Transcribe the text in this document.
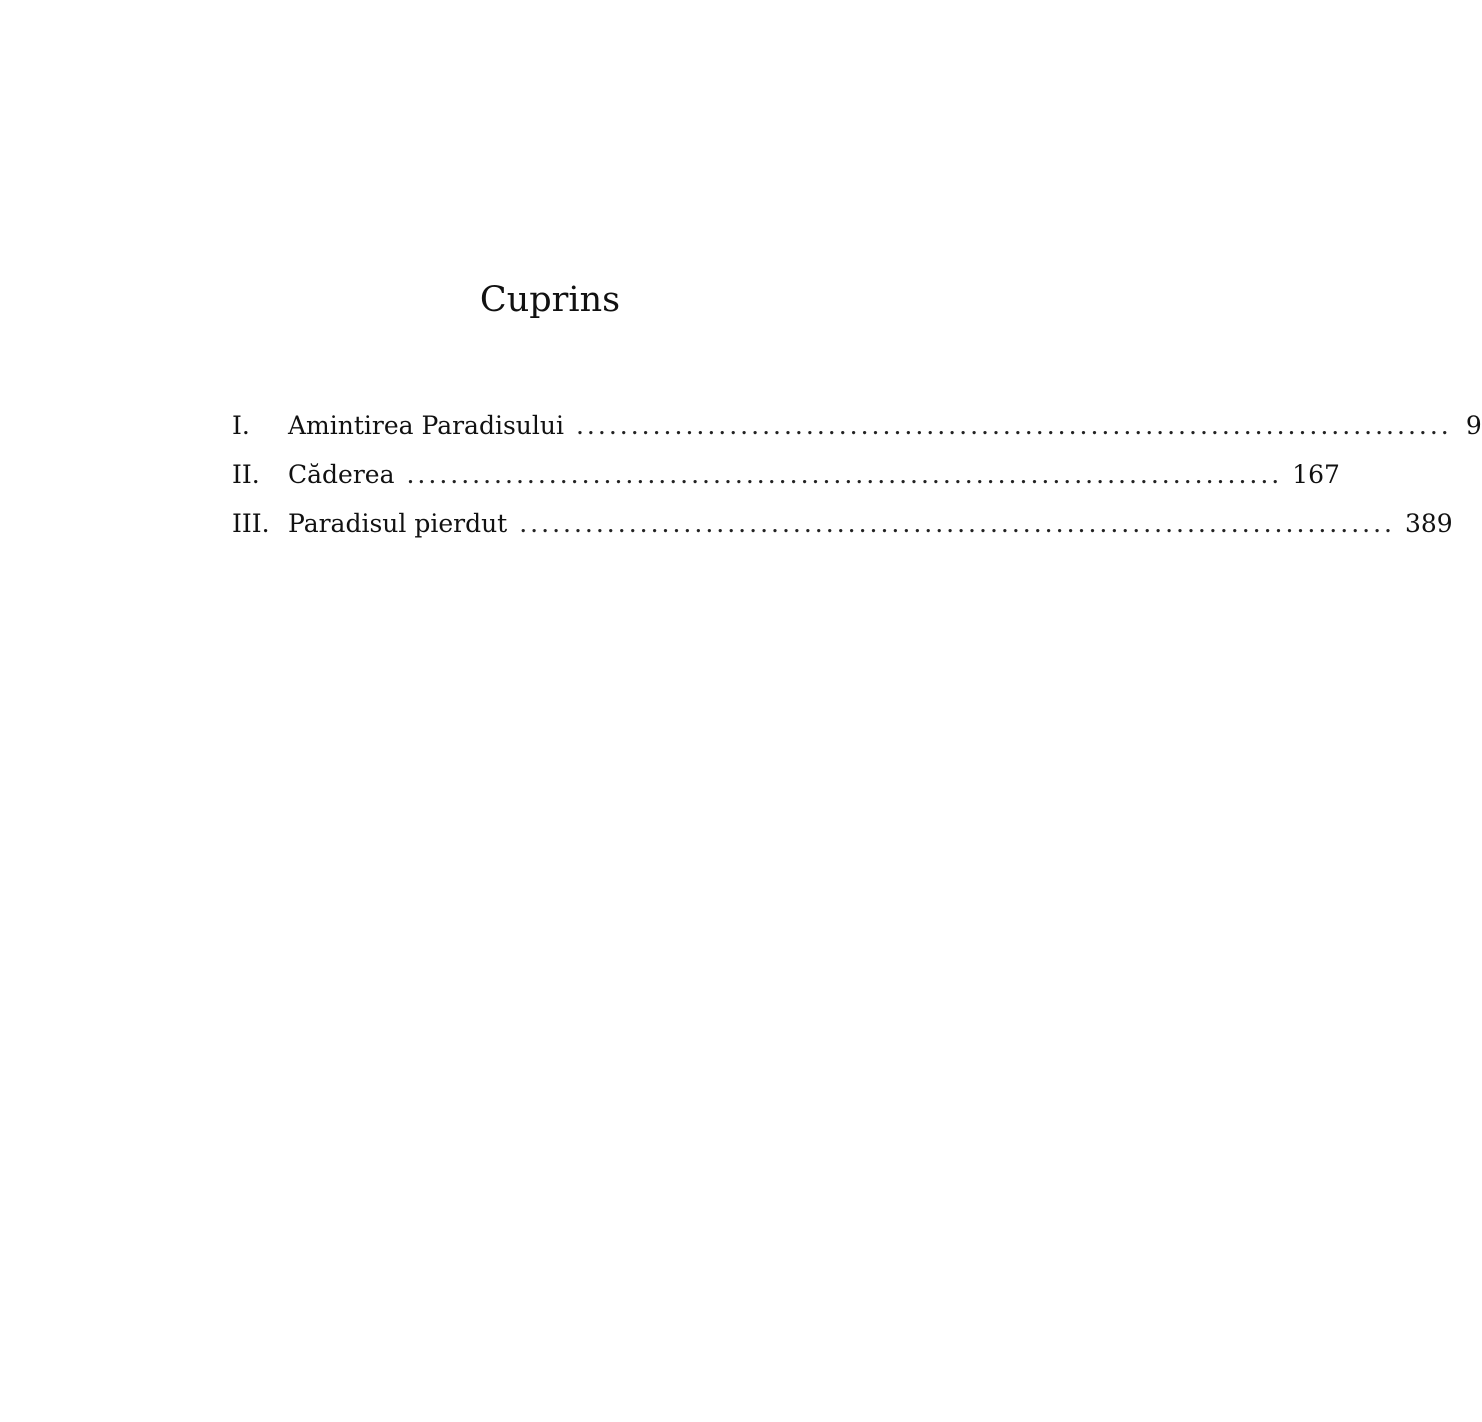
Cuprins
I.	Amintirea Paradisului ................................................................................ 9
II.	Căderea ................................................................................ 167
III. Paradisul pierdut ................................................................................ 389
